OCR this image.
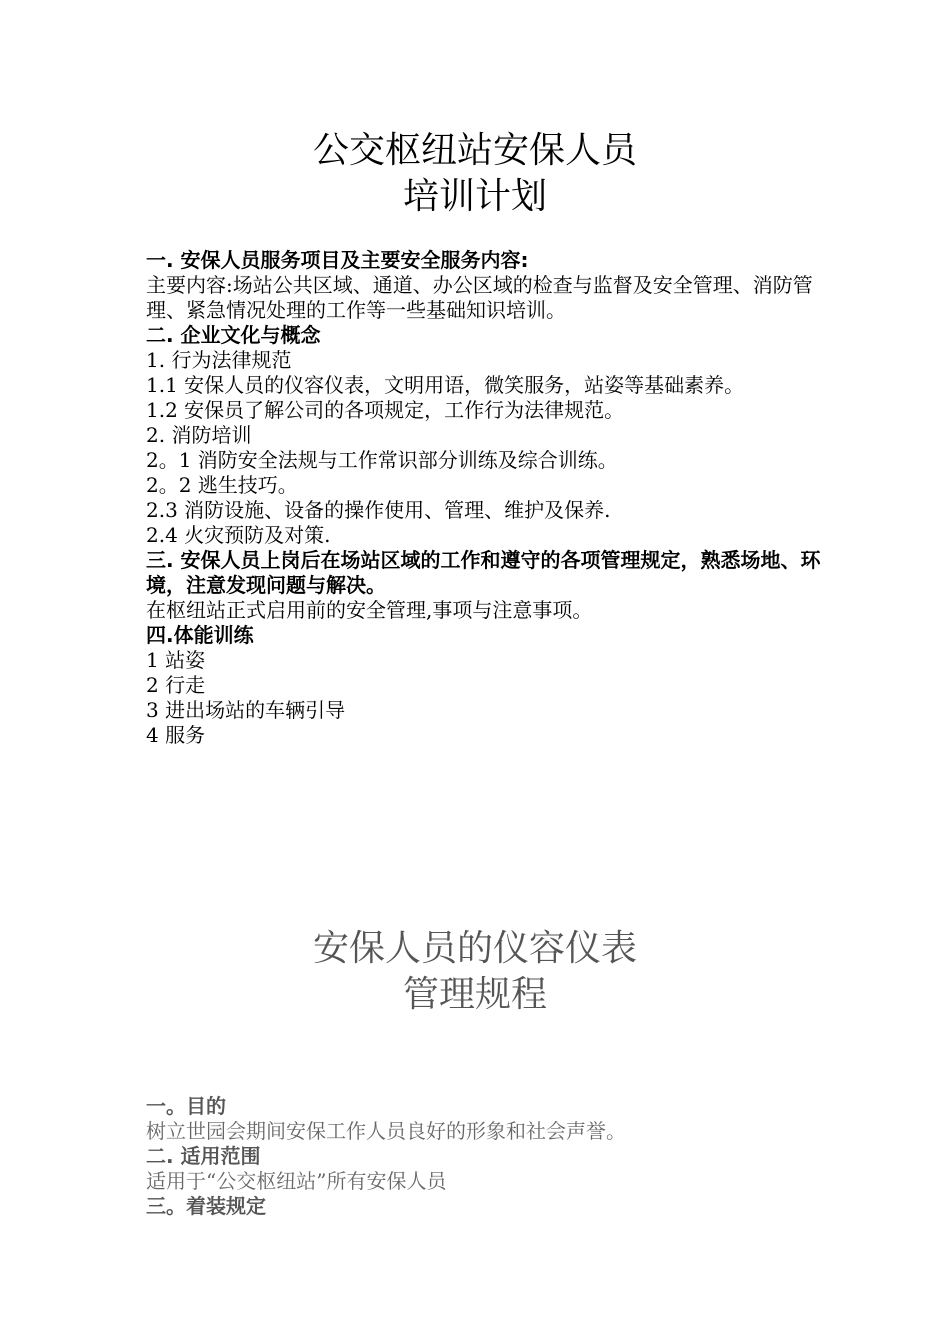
公交枢纽站安保人员
培训计划
一. 安保人员服务项目及主要安全服务内容:
主要内容:场站公共区域、通道、办公区域的检查与监督及安全管理、消防管理、紧急情况处理的工作等一些基础知识培训。
二. 企业文化与概念
1. 行为法律规范
1.1 安保人员的仪容仪表，文明用语，微笑服务，站姿等基础素养。
1.2 安保员了解公司的各项规定，工作行为法律规范。
2. 消防培训
2。1 消防安全法规与工作常识部分训练及综合训练。
2。2 逃生技巧。
2.3 消防设施、设备的操作使用、管理、维护及保养.
2.4 火灾预防及对策.
三. 安保人员上岗后在场站区域的工作和遵守的各项管理规定，熟悉场地、环境，注意发现问题与解决。
在枢纽站正式启用前的安全管理,事项与注意事项。
四.体能训练
1 站姿
2 行走
3 进出场站的车辆引导
4 服务
安保人员的仪容仪表
管理规程
一。目的
树立世园会期间安保工作人员良好的形象和社会声誉。
二. 适用范围
适用于“公交枢纽站”所有安保人员
三。着装规定
